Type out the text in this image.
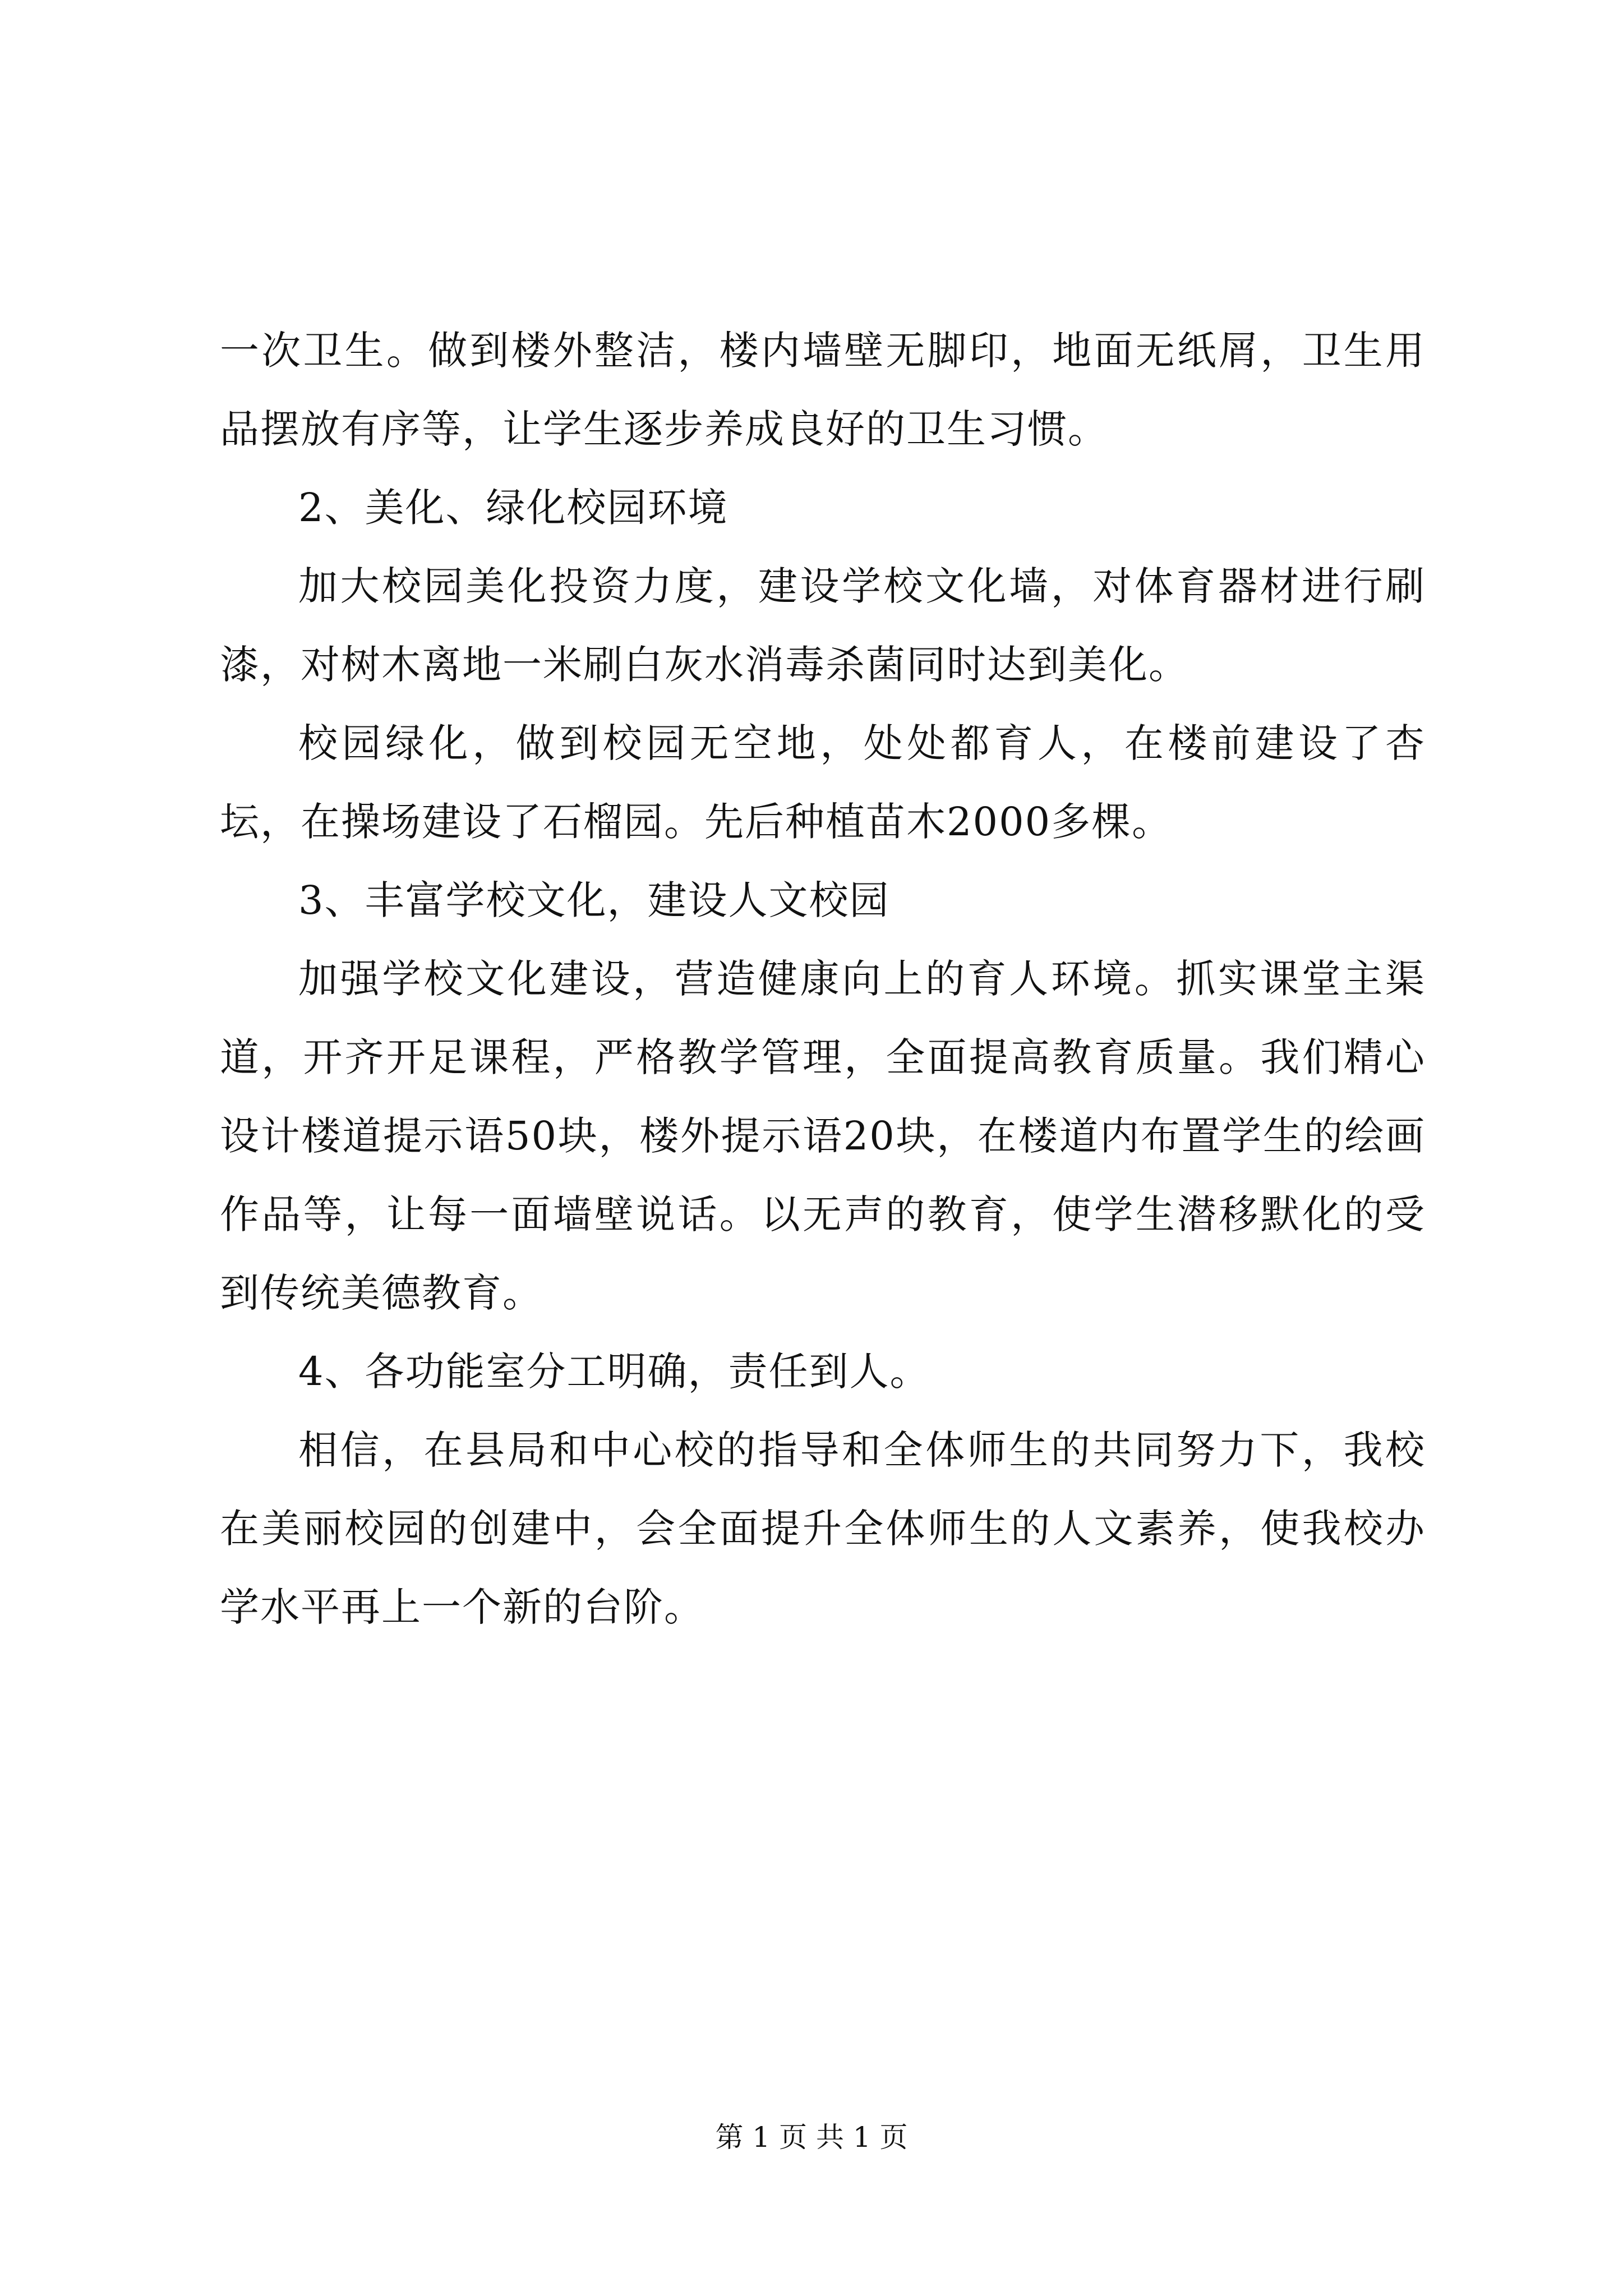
一次卫生。做到楼外整洁，楼内墙壁无脚印，地面无纸屑，卫生用品摆放有序等，让学生逐步养成良好的卫生习惯。

2、美化、绿化校园环境

加大校园美化投资力度，建设学校文化墙，对体育器材进行刷漆，对树木离地一米刷白灰水消毒杀菌同时达到美化。

校园绿化，做到校园无空地，处处都育人，在楼前建设了杏坛，在操场建设了石榴园。先后种植苗木2000多棵。

3、丰富学校文化，建设人文校园

加强学校文化建设，营造健康向上的育人环境。抓实课堂主渠道，开齐开足课程，严格教学管理，全面提高教育质量。我们精心设计楼道提示语50块，楼外提示语20块，在楼道内布置学生的绘画作品等，让每一面墙壁说话。以无声的教育，使学生潜移默化的受到传统美德教育。

4、各功能室分工明确，责任到人。

相信，在县局和中心校的指导和全体师生的共同努力下，我校在美丽校园的创建中，会全面提升全体师生的人文素养，使我校办学水平再上一个新的台阶。

第 1 页 共 1 页
